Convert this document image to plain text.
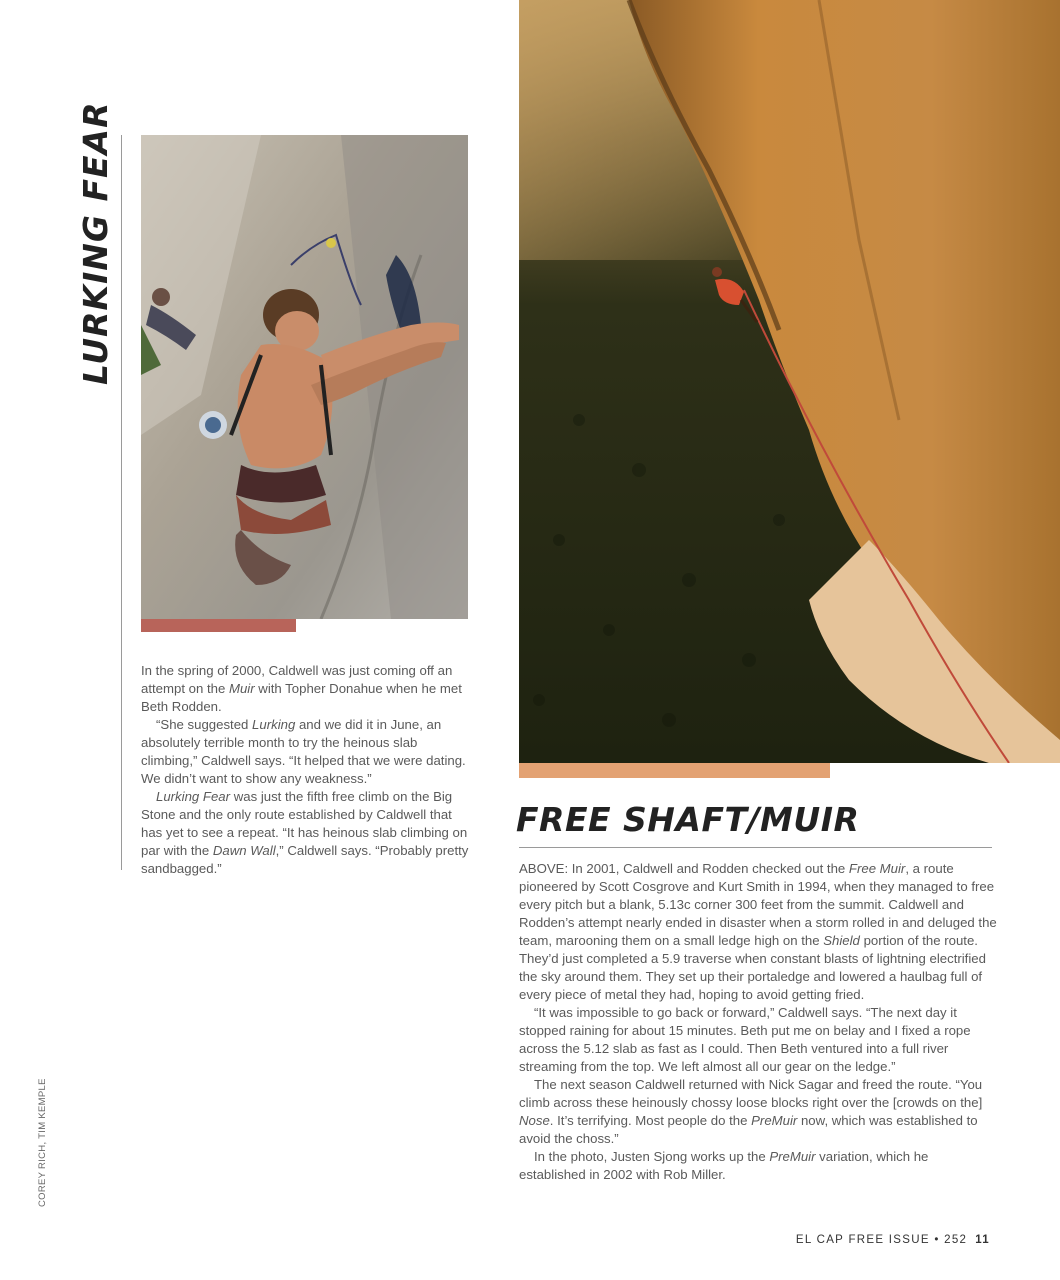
LURKING FEAR

In the spring of 2000, Caldwell was just coming off an attempt on the Muir with Topher Donahue when he met Beth Rodden.

“She suggested Lurking and we did it in June, an absolutely terrible month to try the heinous slab climbing,” Caldwell says. “It helped that we were dating. We didn’t want to show any weakness.”

Lurking Fear was just the fifth free climb on the Big Stone and the only route established by Caldwell that has yet to see a repeat. “It has heinous slab climbing on par with the Dawn Wall,” Caldwell says. “Probably pretty sandbagged.”

FREE SHAFT/MUIR

ABOVE: In 2001, Caldwell and Rodden checked out the Free Muir, a route pioneered by Scott Cosgrove and Kurt Smith in 1994, when they managed to free every pitch but a blank, 5.13c corner 300 feet from the summit. Caldwell and Rodden’s attempt nearly ended in disaster when a storm rolled in and deluged the team, marooning them on a small ledge high on the Shield portion of the route. They’d just completed a 5.9 traverse when constant blasts of lightning electrified the sky around them. They set up their portaledge and lowered a haulbag full of every piece of metal they had, hoping to avoid getting fried.

“It was impossible to go back or forward,” Caldwell says. “The next day it stopped raining for about 15 minutes. Beth put me on belay and I fixed a rope across the 5.12 slab as fast as I could. Then Beth ventured into a full river streaming from the top. We left almost all our gear on the ledge.”

The next season Caldwell returned with Nick Sagar and freed the route. “You climb across these heinously chossy loose blocks right over the [crowds on the] Nose. It’s terrifying. Most people do the PreMuir now, which was established to avoid the choss.”

In the photo, Justen Sjong works up the PreMuir variation, which he established in 2002 with Rob Miller.

COREY RICH, TIM KEMPLE
EL CAP FREE ISSUE • 252 11
